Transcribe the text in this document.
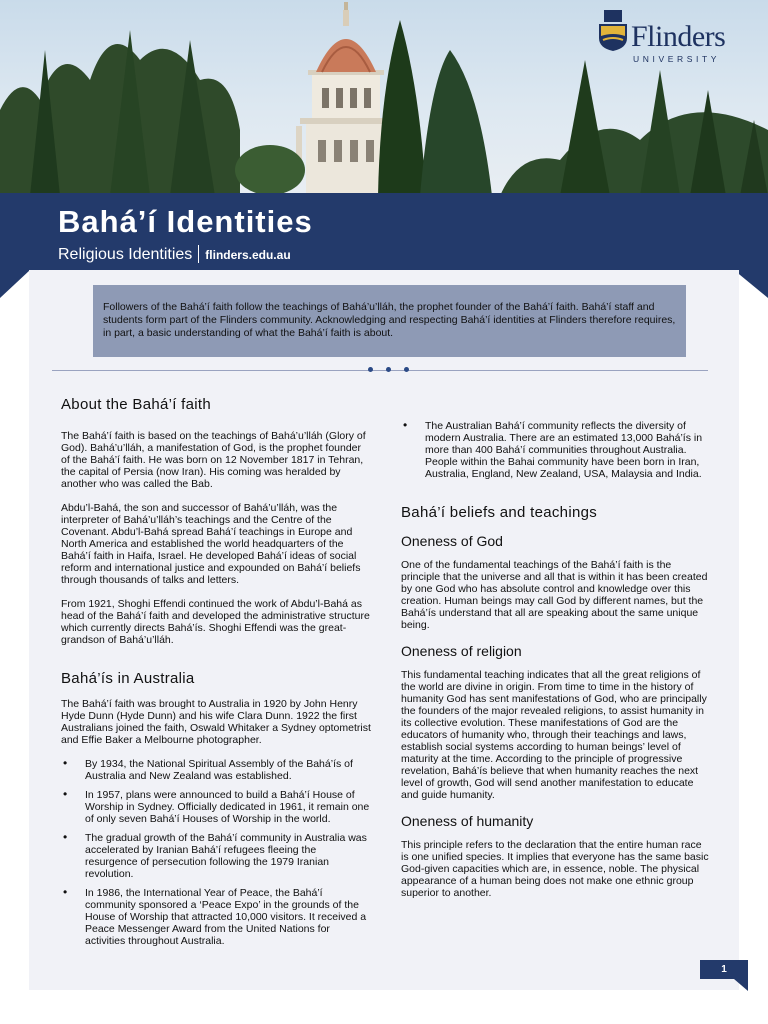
Flinders
UNIVERSITY
Bahá’í Identities
Religious Identities flinders.edu.au
Followers of the Bahá’í faith follow the teachings of Bahá’u’lláh, the prophet founder of the Bahá’í faith. Bahá’í staff and students form part of the Flinders community. Acknowledging and respecting Bahá’í identities at Flinders therefore requires, in part, a basic understanding of what the Bahá’í faith is about.
About the Bahá’í faith

The Bahá’í faith is based on the teachings of Bahá’u’lláh (Glory of God). Bahá’u’lláh, a manifestation of God, is the prophet founder of the Bahá’í faith. He was born on 12 November 1817 in Tehran, the capital of Persia (now Iran). His coming was heralded by another who was called the Bab.

Abdu’l-Bahá, the son and successor of Bahá’u’lláh, was the interpreter of Bahá’u’lláh’s teachings and the Centre of the Covenant. Abdu’l-Bahá spread Bahá’í teachings in Europe and North America and established the world headquarters of the Bahá’í faith in Haifa, Israel. He developed Bahá’í ideas of social reform and international justice and expounded on Bahá’í beliefs through thousands of talks and letters.

From 1921, Shoghi Effendi continued the work of Abdu’l-Bahá as head of the Bahá’í faith and developed the administrative structure which currently directs Bahá’ís. Shoghi Effendi was the great-grandson of Bahá’u’lláh.

Bahá’ís in Australia

The Bahá’í faith was brought to Australia in 1920 by John Henry Hyde Dunn (Hyde Dunn) and his wife Clara Dunn. 1922 the first Australians joined the faith, Oswald Whitaker a Sydney optometrist and Effie Baker a Melbourne photographer.

• By 1934, the National Spiritual Assembly of the Bahá’ís of Australia and New Zealand was established.
• In 1957, plans were announced to build a Bahá’í House of Worship in Sydney. Officially dedicated in 1961, it remain one of only seven Bahá’í Houses of Worship in the world.
• The gradual growth of the Bahá’í community in Australia was accelerated by Iranian Bahá’í refugees fleeing the resurgence of persecution following the 1979 Iranian revolution.
• In 1986, the International Year of Peace, the Bahá’í community sponsored a ‘Peace Expo’ in the grounds of the House of Worship that attracted 10,000 visitors. It received a Peace Messenger Award from the United Nations for activities throughout Australia.
• The Australian Bahá’í community reflects the diversity of modern Australia. There are an estimated 13,000 Bahá’ís in more than 400 Bahá’í communities throughout Australia. People within the Bahai community have been born in Iran, Australia, England, New Zealand, USA, Malaysia and India.
Bahá’í beliefs and teachings
Oneness of God

One of the fundamental teachings of the Bahá’í faith is the principle that the universe and all that is within it has been created by one God who has absolute control and knowledge over this creation. Human beings may call God by different names, but the Bahá’ís understand that all are speaking about the same unique being.

Oneness of religion

This fundamental teaching indicates that all the great religions of the world are divine in origin. From time to time in the history of humanity God has sent manifestations of God, who are principally the founders of the major revealed religions, to assist humanity in its collective evolution. These manifestations of God are the educators of humanity who, through their teachings and laws, establish social systems according to human beings’ level of maturity at the time. According to the principle of progressive revelation, Bahá’ís believe that when humanity reaches the next level of growth, God will send another manifestation to educate and guide humanity.

Oneness of humanity

This principle refers to the declaration that the entire human race is one unified species. It implies that everyone has the same basic God-given capacities which are, in essence, noble. The physical appearance of a human being does not make one ethnic group superior to another.

1
